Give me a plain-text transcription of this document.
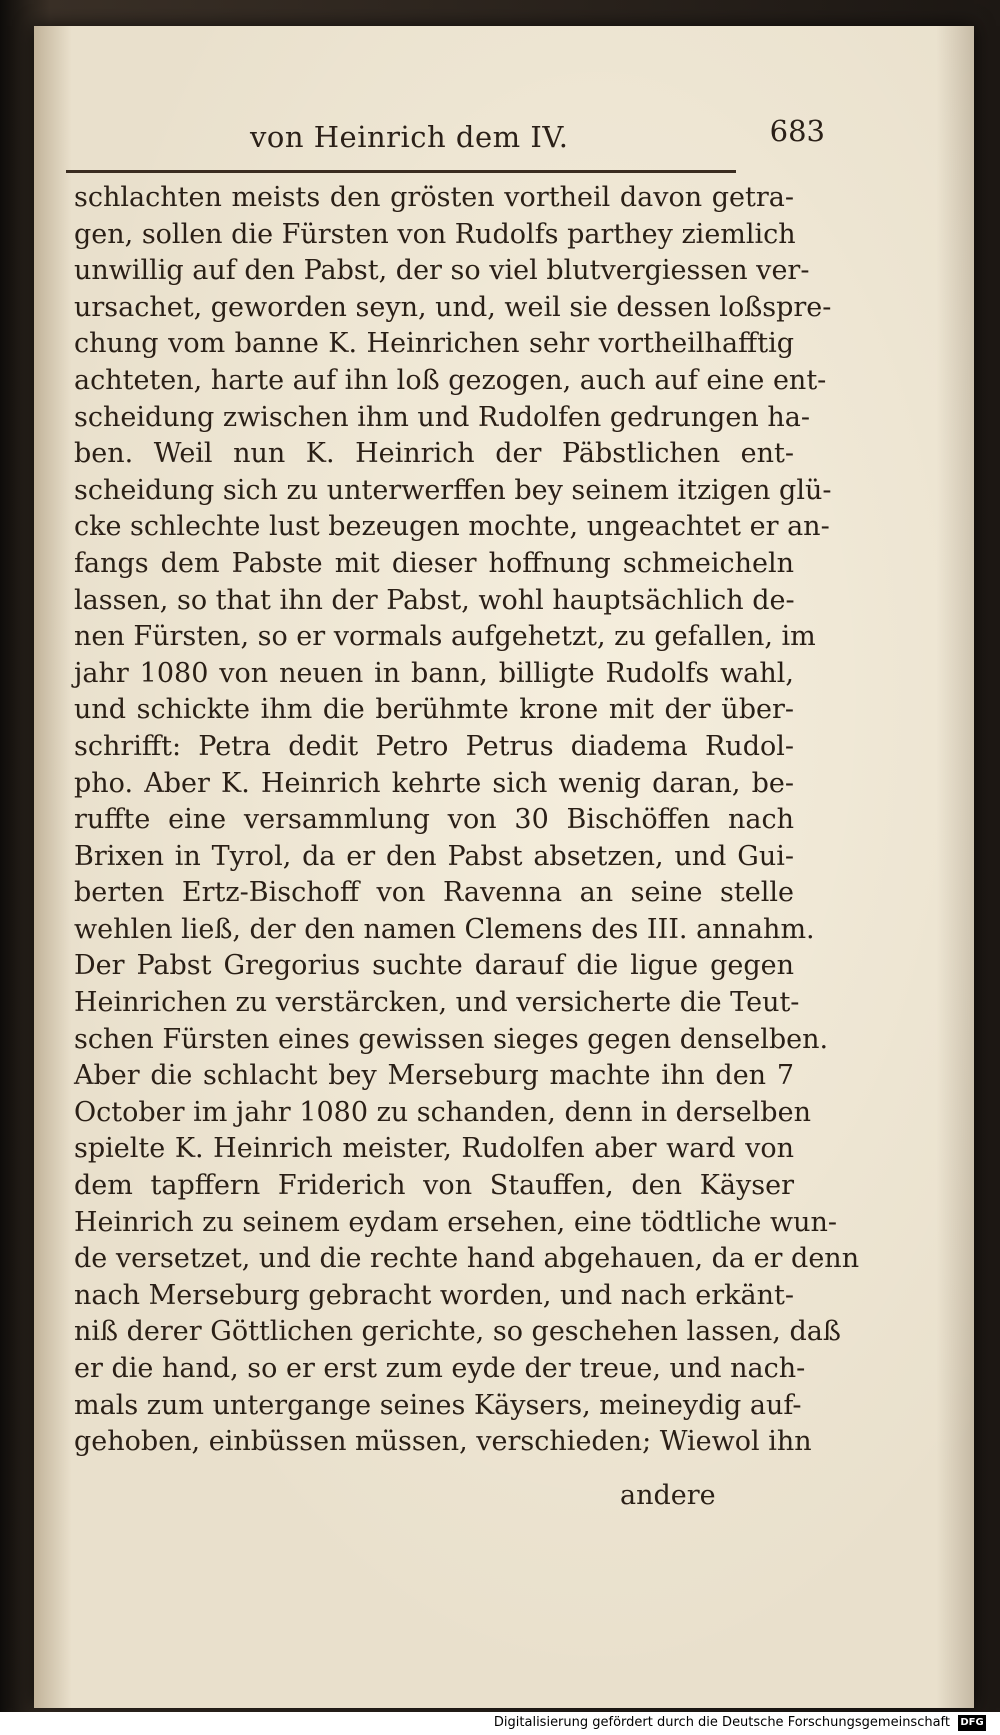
von Heinrich dem IV.	683
schlachten meists den grösten vortheil davon getra-
gen, sollen die Fürsten von Rudolfs parthey ziemlich
unwillig auf den Pabst, der so viel blutvergiessen ver-
ursachet, geworden seyn, und, weil sie dessen loßspre-
chung vom banne K. Heinrichen sehr vortheilhafftig
achteten, harte auf ihn loß gezogen, auch auf eine ent-
scheidung zwischen ihm und Rudolfen gedrungen ha-
ben. Weil nun K. Heinrich der Päbstlichen ent-
scheidung sich zu unterwerffen bey seinem itzigen glü-
cke schlechte lust bezeugen mochte, ungeachtet er an-
fangs dem Pabste mit dieser hoffnung schmeicheln
lassen, so that ihn der Pabst, wohl hauptsächlich de-
nen Fürsten, so er vormals aufgehetzt, zu gefallen, im
jahr 1080 von neuen in bann, billigte Rudolfs wahl,
und schickte ihm die berühmte krone mit der über-
schrifft: Petra dedit Petro Petrus diadema Rudol-
pho. Aber K. Heinrich kehrte sich wenig daran, be-
ruffte eine versammlung von 30 Bischöffen nach
Brixen in Tyrol, da er den Pabst absetzen, und Gui-
berten Ertz-Bischoff von Ravenna an seine stelle
wehlen ließ, der den namen Clemens des III. annahm.
Der Pabst Gregorius suchte darauf die ligue gegen
Heinrichen zu verstärcken, und versicherte die Teut-
schen Fürsten eines gewissen sieges gegen denselben.
Aber die schlacht bey Merseburg machte ihn den 7
October im jahr 1080 zu schanden, denn in derselben
spielte K. Heinrich meister, Rudolfen aber ward von
dem tapffern Friderich von Stauffen, den Käyser
Heinrich zu seinem eydam ersehen, eine tödtliche wun-
de versetzet, und die rechte hand abgehauen, da er denn
nach Merseburg gebracht worden, und nach erkänt-
niß derer Göttlichen gerichte, so geschehen lassen, daß
er die hand, so er erst zum eyde der treue, und nach-
mals zum untergange seines Käysers, meineydig auf-
gehoben, einbüssen müssen, verschieden; Wiewol ihn
andere
Digitalisierung gefördert durch die Deutsche Forschungsgemeinschaft DFG
